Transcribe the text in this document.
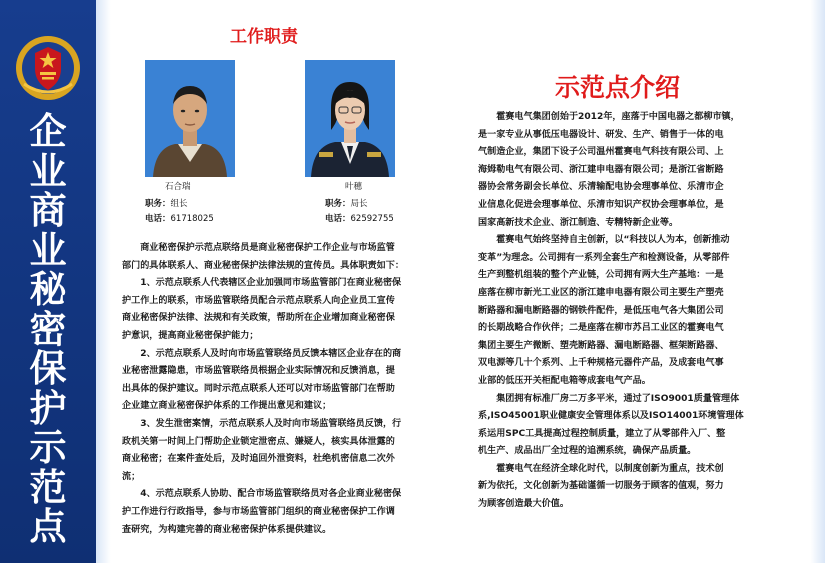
企
业
商
业
秘
密
保
护
示
范
点
工作职责
示范点介绍
石合瑞
职务：组长
电话：61718025
叶穗
职务：局长
电话：62592755
　　商业秘密保护示范点联络员是商业秘密保护工作企业与市场监管
部门的具体联系人、商业秘密保护法律法规的宣传员。具体职责如下：
　　1、示范点联系人代表辖区企业加强同市场监管部门在商业秘密保
护工作上的联系，市场监管联络员配合示范点联系人向企业员工宣传
商业秘密保护法律、法规和有关政策，帮助所在企业增加商业秘密保
护意识，提高商业秘密保护能力；
　　2、示范点联系人及时向市场监管联络员反馈本辖区企业存在的商
业秘密泄露隐患，市场监管联络员根据企业实际情况和反馈消息，提
出具体的保护建议。同时示范点联系人还可以对市场监管部门在帮助
企业建立商业秘密保护体系的工作提出意见和建议；
　　3、发生泄密案情，示范点联系人及时向市场监管联络员反馈，行
政机关第一时间上门帮助企业锁定泄密点、嫌疑人，核实具体泄露的
商业秘密；在案件查处后，及时追回外泄资料，杜绝机密信息二次外
流；
　　4、示范点联系人协助、配合市场监管联络员对各企业商业秘密保
护工作进行行政指导，参与市场监管部门组织的商业秘密保护工作调
查研究，为构建完善的商业秘密保护体系提供建议。
　　霍赛电气集团创始于2012年，座落于中国电器之都柳市镇，
是一家专业从事低压电器设计、研发、生产、销售于一体的电
气制造企业，集团下设子公司温州霍赛电气科技有限公司、上
海姆勒电气有限公司、浙江建申电器有限公司；是浙江省断路
器协会常务副会长单位、乐清输配电协会理事单位、乐清市企
业信息化促进会理事单位、乐清市知识产权协会理事单位，是
国家高新技术企业、浙江制造、专精特新企业等。
　　霍赛电气始终坚持自主创新，以“科技以人为本，创新推动
变革”为理念。公司拥有一系列全套生产和检测设备，从零部件
生产到整机组装的整个产业链，公司拥有两大生产基地：一是
座落在柳市新光工业区的浙江建申电器有限公司主要生产塑壳
断路器和漏电断路器的钢铁件配件，是低压电气各大集团公司
的长期战略合作伙伴；二是座落在柳市苏吕工业区的霍赛电气
集团主要生产微断、塑壳断路器、漏电断路器、框架断路器、
双电源等几十个系列、上千种规格元器件产品，及成套电气事
业部的低压开关柜配电箱等成套电气产品。
　　集团拥有标准厂房二万多平米，通过了ISO9001质量管理体
系,ISO45001职业健康安全管理体系以及ISO14001环境管理体
系运用SPC工具提高过程控制质量，建立了从零部件入厂、整
机生产、成品出厂全过程的追溯系统，确保产品质量。
　　霍赛电气在经济全球化时代，以制度创新为重点，技术创
新为依托，文化创新为基础谨循一切服务于顾客的值观，努力
为顾客创造最大价值。
